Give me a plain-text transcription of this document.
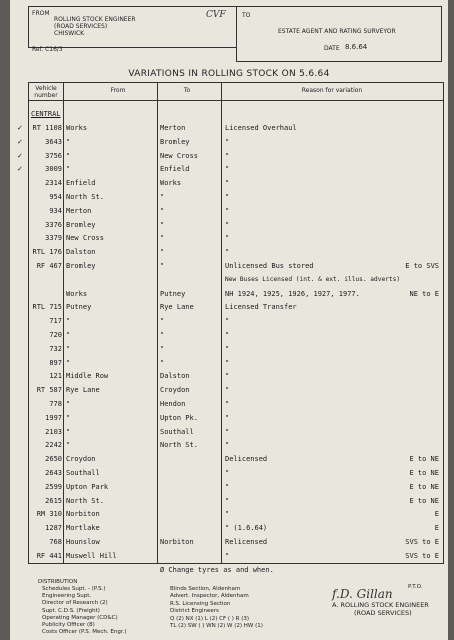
FROM
ROLLING STOCK ENGINEER
(ROAD SERVICES)
CHISWICK
Ref. C16/3
TO
ESTATE AGENT AND RATING SURVEYOR
DATE 8.6.64
CVF
VARIATIONS IN ROLLING STOCK ON 5.6.64
Vehicle number
From	To	Reason for variation
CENTRAL
✓ RT 1108 Works	Merton	Licensed Overhaul
✓	3643 "	Bromley	"
✓	3756 "	New Cross	"
✓	3009 "	Enfield	"
2314 Enfield	Works	"
954 North St.	"	"
934 Merton	"	"
3376 Bromley	"	"
3379 New Cross	"	"
RTL 176 Dalston	"	"
RF 467 Bromley	"	Unlicensed Bus stored	E to SVS
New Buses Licensed (int. & ext. illus. adverts)
Works	Putney	NH 1924, 1925, 1926, 1927, 1977.	NE to E
RTL 715 Putney	Rye Lane	Licensed Transfer
717 "	"	"
720 "	"	"
732 "	"	"
897 "	"	"
121 Middle Row	Dalston	"
RT 587 Rye Lane	Croydon	"
778 "	Hendon	"
1997 "	Upton Pk.	"
2103 "	Southall	"
2242 "	North St.	"
2650 Croydon	Delicensed	E to NE
2643 Southall	"	E to NE
2599 Upton Park	"	E to NE
2615 North St.	"	E to NE
RM 310 Norbiton	"	E
1287 Mortlake	" (1.6.64)	E
768 Hounslow	Norbiton	Relicensed	SVS to E
RF 441 Muswell Hill	"	SVS to E
Ø Change tyres as and when.
f.D. Gillan	P.T.O.
A. ROLLING STOCK ENGINEER
(ROAD SERVICES)
DISTRIBUTION
Schedules Supt. - (P.S.)
Engineering Supt.
Director of Research (2)
Supt. C.D.S. (Freight)
Operating Manager (CD&C)
Publicity Officer (8)
Costs Officer (P.S. Mech. Engr.)
Blinds Section, Aldenham
Advert. Inspector, Aldenham
R.S. Licensing Section
District Engineers
Q (2) NX (1) L (2) CF ( ) R (3)
TL (2) SW ( ) WN (2) W (2) HW (1)
